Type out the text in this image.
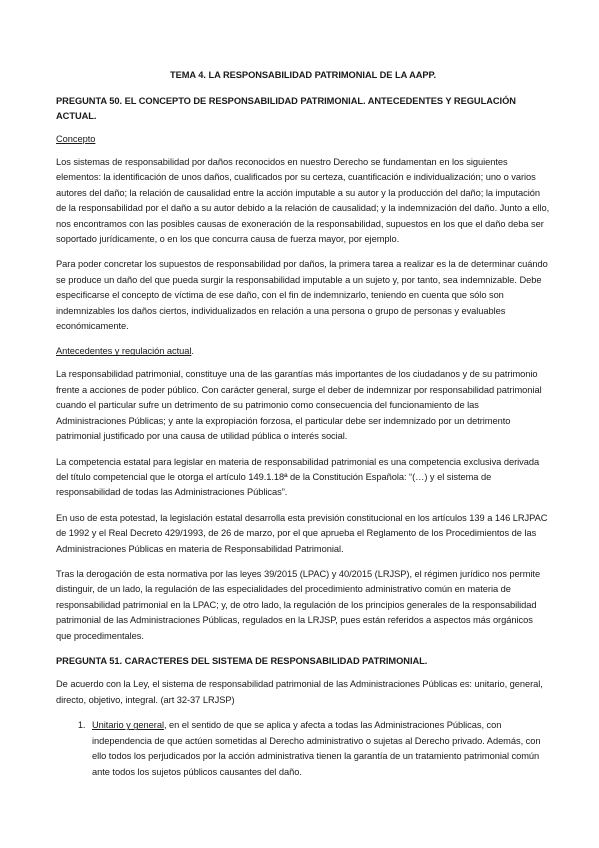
TEMA 4. LA RESPONSABILIDAD PATRIMONIAL DE LA AAPP.
PREGUNTA 50. EL CONCEPTO DE RESPONSABILIDAD PATRIMONIAL. ANTECEDENTES Y REGULACIÓN ACTUAL.
Concepto

Los sistemas de responsabilidad por daños reconocidos en nuestro Derecho se fundamentan en los siguientes elementos: la identificación de unos daños, cualificados por su certeza, cuantificación e individualización; uno o varios autores del daño; la relación de causalidad entre la acción imputable a su autor y la producción del daño; la imputación de la responsabilidad por el daño a su autor debido a la relación de causalidad; y la indemnización del daño. Junto a ello, nos encontramos con las posibles causas de exoneración de la responsabilidad, supuestos en los que el daño deba ser soportado jurídicamente, o en los que concurra causa de fuerza mayor, por ejemplo.

Para poder concretar los supuestos de responsabilidad por daños, la primera tarea a realizar es la de determinar cuándo se produce un daño del que pueda surgir la responsabilidad imputable a un sujeto y, por tanto, sea indemnizable. Debe especificarse el concepto de víctima de ese daño, con el fin de indemnizarlo, teniendo en cuenta que sólo son indemnizables los daños ciertos, individualizados en relación a una persona o grupo de personas y evaluables económicamente.

Antecedentes y regulación actual.

La responsabilidad patrimonial, constituye una de las garantías más importantes de los ciudadanos y de su patrimonio frente a acciones de poder público. Con carácter general, surge el deber de indemnizar por responsabilidad patrimonial cuando el particular sufre un detrimento de su patrimonio como consecuencia del funcionamiento de las Administraciones Públicas; y ante la expropiación forzosa, el particular debe ser indemnizado por un detrimento patrimonial justificado por una causa de utilidad pública o interés social.

La competencia estatal para legislar en materia de responsabilidad patrimonial es una competencia exclusiva derivada del título competencial que le otorga el artículo 149.1.18ª de la Constitución Española: “(…) y el sistema de responsabilidad de todas las Administraciones Públicas”.

En uso de esta potestad, la legislación estatal desarrolla esta previsión constitucional en los artículos 139 a 146 LRJPAC de 1992 y el Real Decreto 429/1993, de 26 de marzo, por el que aprueba el Reglamento de los Procedimientos de las Administraciones Públicas en materia de Responsabilidad Patrimonial.

Tras la derogación de esta normativa por las leyes 39/2015 (LPAC) y 40/2015 (LRJSP), el régimen jurídico nos permite distinguir, de un lado, la regulación de las especialidades del procedimiento administrativo común en materia de responsabilidad patrimonial en la LPAC; y, de otro lado, la regulación de los principios generales de la responsabilidad patrimonial de las Administraciones Públicas, regulados en la LRJSP, pues están referidos a aspectos más orgánicos que procedimentales.

PREGUNTA 51. CARACTERES DEL SISTEMA DE RESPONSABILIDAD PATRIMONIAL.

De acuerdo con la Ley, el sistema de responsabilidad patrimonial de las Administraciones Públicas es: unitario, general, directo, objetivo, integral. (art 32-37 LRJSP)

1. Unitario y general, en el sentido de que se aplica y afecta a todas las Administraciones Públicas, con independencia de que actúen sometidas al Derecho administrativo o sujetas al Derecho privado. Además, con ello todos los perjudicados por la acción administrativa tienen la garantía de un tratamiento patrimonial común ante todos los sujetos públicos causantes del daño.
